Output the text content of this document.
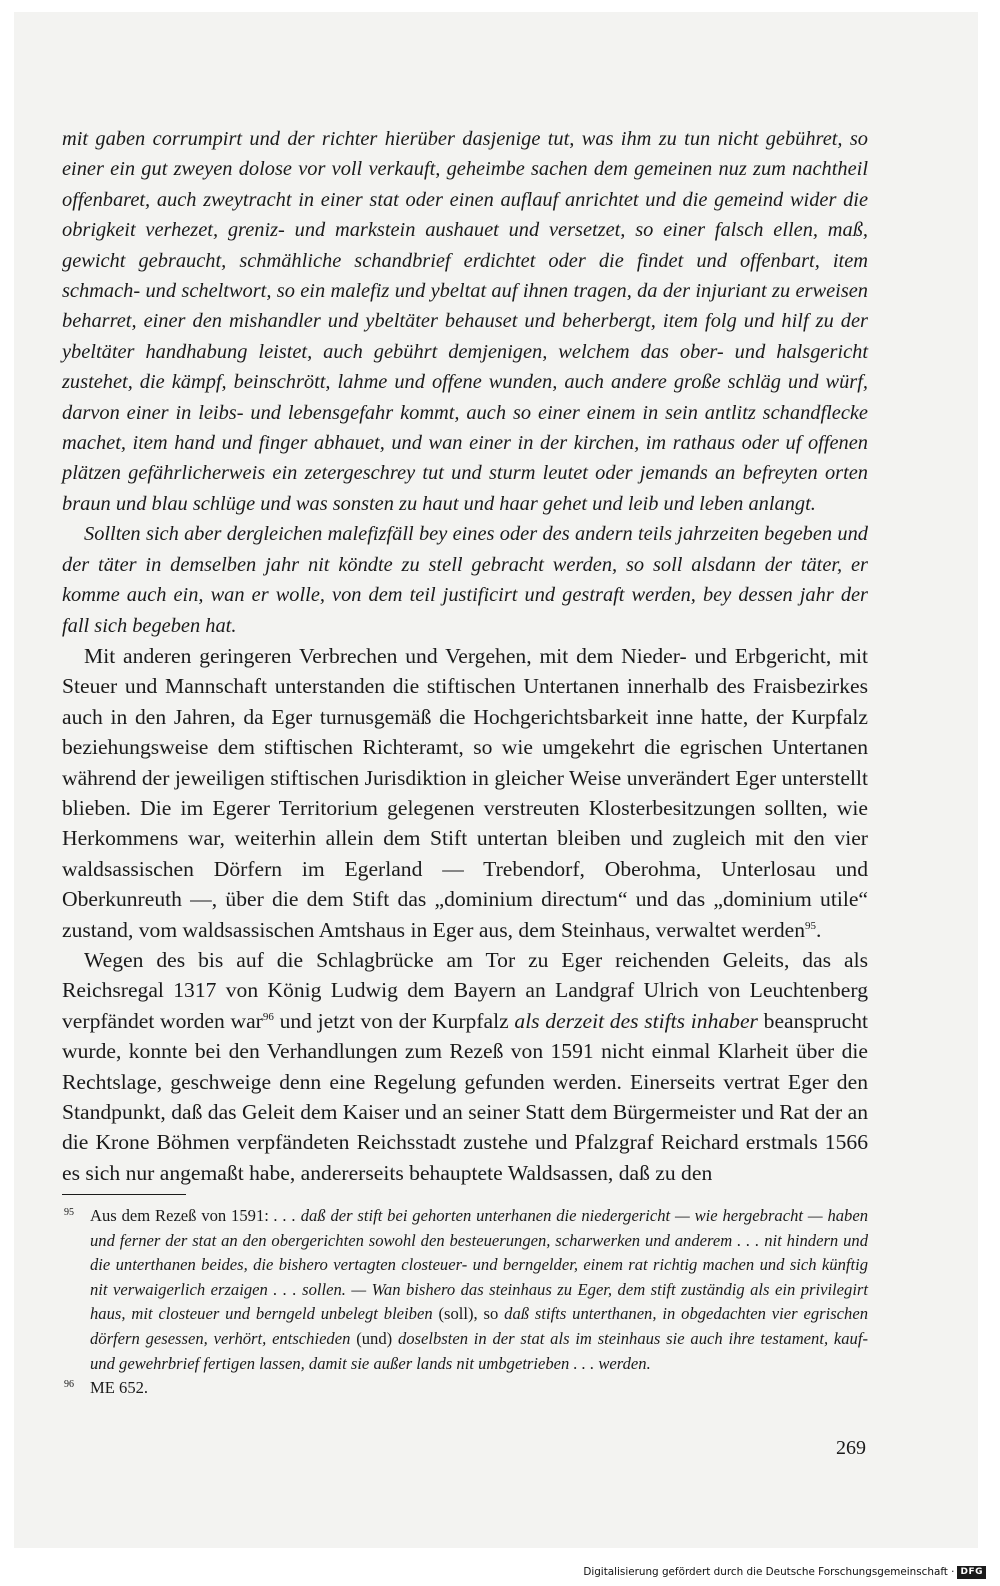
mit gaben corrumpirt und der richter hierüber dasjenige tut, was ihm zu tun nicht gebühret, so einer ein gut zweyen dolose vor voll verkauft, geheimbe sachen dem gemeinen nuz zum nachtheil offenbaret, auch zweytracht in einer stat oder einen auflauf anrichtet und die gemeind wider die obrigkeit verhezet, greniz- und markstein aushauet und versetzet, so einer falsch ellen, maß, gewicht gebraucht, schmähliche schandbrief erdichtet oder die findet und offenbart, item schmach- und scheltwort, so ein malefiz und ybeltat auf ihnen tragen, da der injuriant zu erweisen beharret, einer den mishandler und ybeltäter behauset und beherbergt, item folg und hilf zu der ybeltäter handhabung leistet, auch gebührt demjenigen, welchem das ober- und halsgericht zustehet, die kämpf, beinschrött, lahme und offene wunden, auch andere große schläg und würf, darvon einer in leibs- und lebensgefahr kommt, auch so einer einem in sein antlitz schandflecke machet, item hand und finger abhauet, und wan einer in der kirchen, im rathaus oder uf offenen plätzen gefährlicherweis ein zetergeschrey tut und sturm leutet oder jemands an befreyten orten braun und blau schlüge und was sonsten zu haut und haar gehet und leib und leben anlangt.

Sollten sich aber dergleichen malefizfäll bey eines oder des andern teils jahrzeiten begeben und der täter in demselben jahr nit köndte zu stell gebracht werden, so soll alsdann der täter, er komme auch ein, wan er wolle, von dem teil justificirt und gestraft werden, bey dessen jahr der fall sich begeben hat.

Mit anderen geringeren Verbrechen und Vergehen, mit dem Nieder- und Erbgericht, mit Steuer und Mannschaft unterstanden die stiftischen Untertanen innerhalb des Fraisbezirkes auch in den Jahren, da Eger turnusgemäß die Hochgerichtsbarkeit inne hatte, der Kurpfalz beziehungsweise dem stiftischen Richteramt, so wie umgekehrt die egrischen Untertanen während der jeweiligen stiftischen Jurisdiktion in gleicher Weise unverändert Eger unterstellt blieben. Die im Egerer Territorium gelegenen verstreuten Klosterbesitzungen sollten, wie Herkommens war, weiterhin allein dem Stift untertan bleiben und zugleich mit den vier waldsassischen Dörfern im Egerland — Trebendorf, Oberohma, Unterlosau und Oberkunreuth —, über die dem Stift das „dominium directum“ und das „dominium utile“ zustand, vom waldsassischen Amtshaus in Eger aus, dem Steinhaus, verwaltet werden$^{95}$.

Wegen des bis auf die Schlagbrücke am Tor zu Eger reichenden Geleits, das als Reichsregal 1317 von König Ludwig dem Bayern an Landgraf Ulrich von Leuchtenberg verpfändet worden war$^{96}$ und jetzt von der Kurpfalz als derzeit des stifts inhaber beansprucht wurde, konnte bei den Verhandlungen zum Rezeß von 1591 nicht einmal Klarheit über die Rechtslage, geschweige denn eine Regelung gefunden werden. Einerseits vertrat Eger den Standpunkt, daß das Geleit dem Kaiser und an seiner Statt dem Bürgermeister und Rat der an die Krone Böhmen verpfändeten Reichsstadt zustehe und Pfalzgraf Reichard erstmals 1566 es sich nur angemaßt habe, andererseits behauptete Waldsassen, daß zu den

95 Aus dem Rezeß von 1591: . . . daß der stift bei gehorten unterhanen die niedergericht — wie hergebracht — haben und ferner der stat an den obergerichten sowohl den besteuerungen, scharwerken und anderem . . . nit hindern und die unterthanen beides, die bishero vertagten closteuer- und berngelder, einem rat richtig machen und sich künftig nit verwaigerlich erzaigen . . . sollen. — Wan bishero das steinhaus zu Eger, dem stift zuständig als ein privilegirt haus, mit closteuer und berngeld unbelegt bleiben (soll), so daß stifts unterthanen, in obgedachten vier egrischen dörfern gesessen, verhört, entschieden (und) doselbsten in der stat als im steinhaus sie auch ihre testament, kauf- und gewehrbrief fertigen lassen, damit sie außer lands nit umbgetrieben . . . werden.
96 ME 652.
269
Digitalisierung gefördert durch die Deutsche Forschungsgemeinschaft · DFG
